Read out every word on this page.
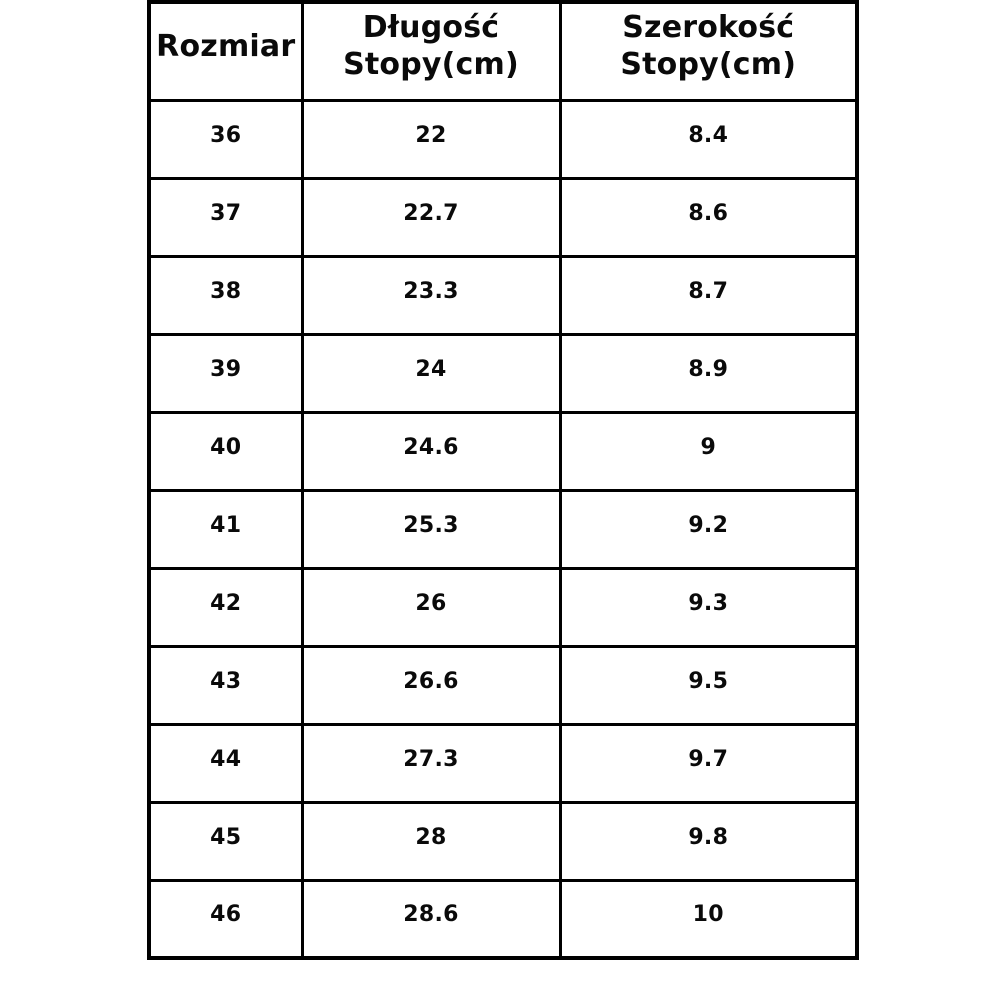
Rozmiar	Długość Stopy(cm)	Szerokość Stopy(cm)
36	22	8.4
37	22.7	8.6
38	23.3	8.7
39	24	8.9
40	24.6	9
41	25.3	9.2
42	26	9.3
43	26.6	9.5
44	27.3	9.7
45	28	9.8
46	28.6	10
